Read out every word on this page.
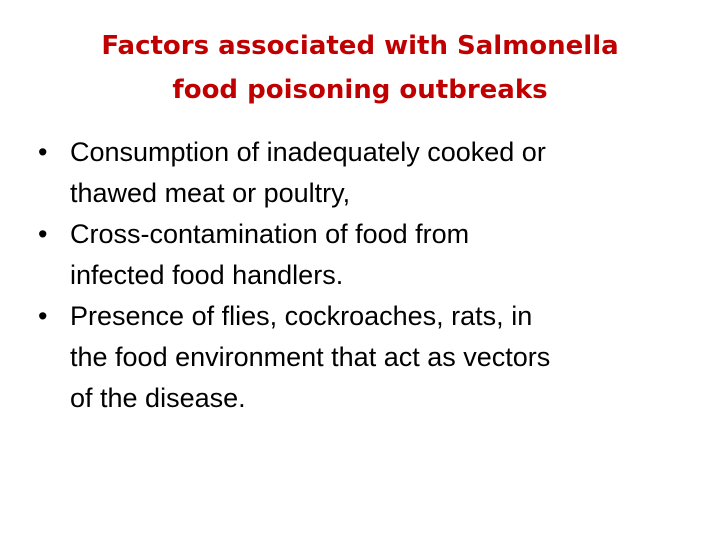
Factors associated with Salmonella
food poisoning outbreaks
• Consumption of inadequately cooked or
thawed meat or poultry,
• Cross-contamination of food from
infected food handlers.
• Presence of flies, cockroaches, rats, in
the food environment that act as vectors
of the disease.
